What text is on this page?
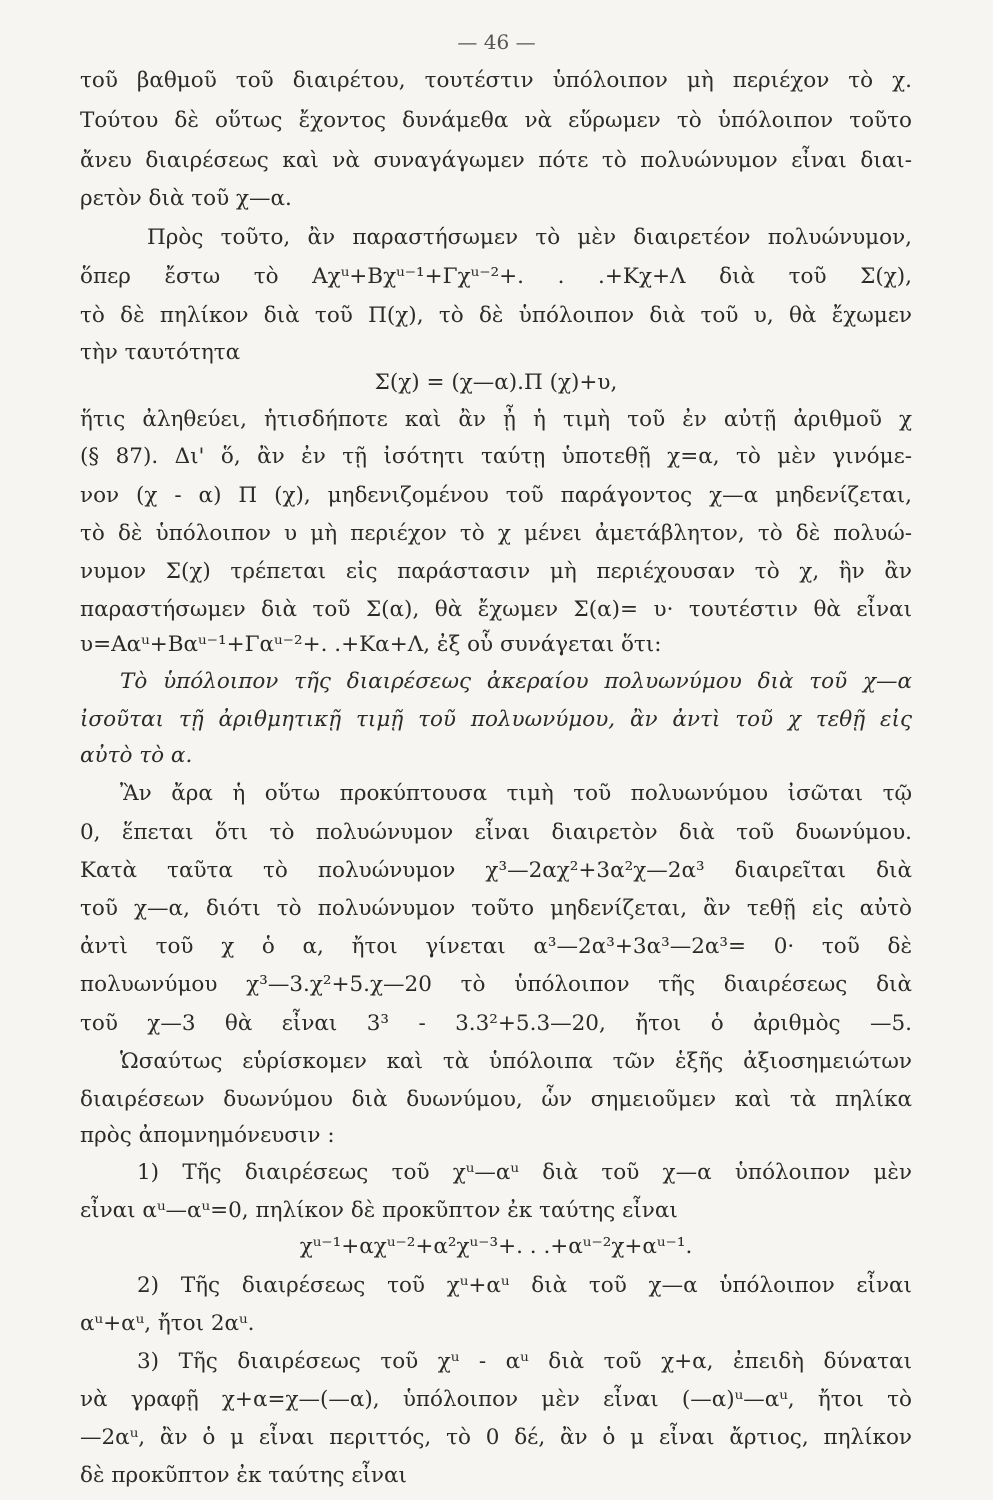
— 46 —
τοῦ βαθμοῦ τοῦ διαιρέτου, τουτέστιν ὑπόλοιπον μὴ περιέχον τὸ χ.
Τούτου δὲ οὕτως ἔχοντος δυνάμεθα νὰ εὕρωμεν τὸ ὑπόλοιπον τοῦτο
ἄνευ διαιρέσεως καὶ νὰ συναγάγωμεν πότε τὸ πολυώνυμον εἶναι διαι-
ρετὸν διὰ τοῦ χ—α.
Πρὸς τοῦτο, ἂν παραστήσωμεν τὸ μὲν διαιρετέον πολυώνυμον,
ὅπερ ἔστω τὸ Αχᵘ+Βχᵘ⁻¹+Γχᵘ⁻²+. . .+Κχ+Λ διὰ τοῦ Σ(χ),
τὸ δὲ πηλίκον διὰ τοῦ Π(χ), τὸ δὲ ὑπόλοιπον διὰ τοῦ υ, θὰ ἔχωμεν
τὴν ταυτότητα
Σ(χ) = (χ—α).Π (χ)+υ,
ἥτις ἀληθεύει, ἡτισδήποτε καὶ ἂν ᾖ ἡ τιμὴ τοῦ ἐν αὐτῇ ἀριθμοῦ χ
(§ 87). Δι' ὅ, ἂν ἐν τῇ ἰσότητι ταύτῃ ὑποτεθῇ χ=α, τὸ μὲν γινόμε-
νον (χ - α) Π (χ), μηδενιζομένου τοῦ παράγοντος χ—α μηδενίζεται,
τὸ δὲ ὑπόλοιπον υ μὴ περιέχον τὸ χ μένει ἀμετάβλητον, τὸ δὲ πολυώ-
νυμον Σ(χ) τρέπεται εἰς παράστασιν μὴ περιέχουσαν τὸ χ, ἣν ἂν
παραστήσωμεν διὰ τοῦ Σ(α), θὰ ἔχωμεν Σ(α)= υ· τουτέστιν θὰ εἶναι
υ=Ααᵘ+Βαᵘ⁻¹+Γαᵘ⁻²+. .+Κα+Λ, ἐξ οὗ συνάγεται ὅτι:
Τὸ ὑπόλοιπον τῆς διαιρέσεως ἀκεραίου πολυωνύμου διὰ τοῦ χ—α
ἰσοῦται τῇ ἀριθμητικῇ τιμῇ τοῦ πολυωνύμου, ἂν ἀντὶ τοῦ χ τεθῇ εἰς
αὐτὸ τὸ α.
Ἂν ἄρα ἡ οὕτω προκύπτουσα τιμὴ τοῦ πολυωνύμου ἰσῶται τῷ
0, ἕπεται ὅτι τὸ πολυώνυμον εἶναι διαιρετὸν διὰ τοῦ δυωνύμου.
Κατὰ ταῦτα τὸ πολυώνυμον χ³—2αχ²+3α²χ—2α³ διαιρεῖται διὰ
τοῦ χ—α, διότι τὸ πολυώνυμον τοῦτο μηδενίζεται, ἂν τεθῇ εἰς αὐτὸ
ἀντὶ τοῦ χ ὁ α, ἤτοι γίνεται α³—2α³+3α³—2α³= 0· τοῦ δὲ
πολυωνύμου χ³—3.χ²+5.χ—20 τὸ ὑπόλοιπον τῆς διαιρέσεως διὰ
τοῦ χ—3 θὰ εἶναι 3³ - 3.3²+5.3—20, ἤτοι ὁ ἀριθμὸς —5.
Ὡσαύτως εὑρίσκομεν καὶ τὰ ὑπόλοιπα τῶν ἑξῆς ἀξιοσημειώτων
διαιρέσεων δυωνύμου διὰ δυωνύμου, ὧν σημειοῦμεν καὶ τὰ πηλίκα
πρὸς ἀπομνημόνευσιν :
1) Τῆς διαιρέσεως τοῦ χᵘ—αᵘ διὰ τοῦ χ—α ὑπόλοιπον μὲν
εἶναι αᵘ—αᵘ=0, πηλίκον δὲ προκῦπτον ἐκ ταύτης εἶναι
χᵘ⁻¹+αχᵘ⁻²+α²χᵘ⁻³+. . .+αᵘ⁻²χ+αᵘ⁻¹.
2) Τῆς διαιρέσεως τοῦ χᵘ+αᵘ διὰ τοῦ χ—α ὑπόλοιπον εἶναι
αᵘ+αᵘ, ἤτοι 2αᵘ.
3) Τῆς διαιρέσεως τοῦ χᵘ - αᵘ διὰ τοῦ χ+α, ἐπειδὴ δύναται
νὰ γραφῇ χ+α=χ—(—α), ὑπόλοιπον μὲν εἶναι (—α)ᵘ—αᵘ, ἤτοι τὸ
—2αᵘ, ἂν ὁ μ εἶναι περιττός, τὸ 0 δέ, ἂν ὁ μ εἶναι ἄρτιος, πηλίκον
δὲ προκῦπτον ἐκ ταύτης εἶναι
